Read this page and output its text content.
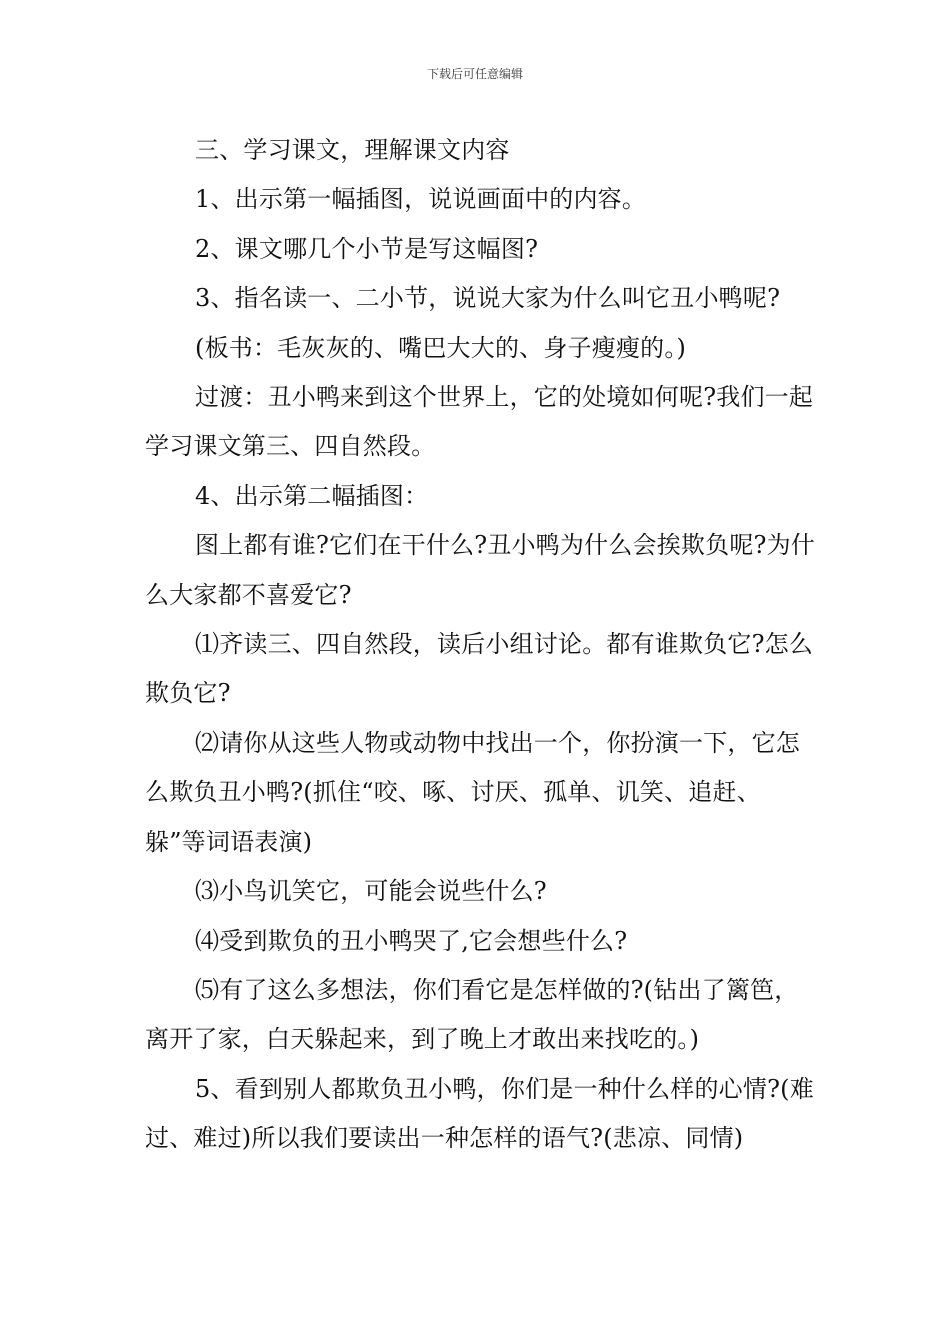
下载后可任意编辑

三、学习课文，理解课文内容

1、出示第一幅插图，说说画面中的内容。

2、课文哪几个小节是写这幅图?

3、指名读一、二小节，说说大家为什么叫它丑小鸭呢?

(板书：毛灰灰的、嘴巴大大的、身子瘦瘦的。)

过渡：丑小鸭来到这个世界上，它的处境如何呢?我们一起学习课文第三、四自然段。

4、出示第二幅插图：

图上都有谁?它们在干什么?丑小鸭为什么会挨欺负呢?为什么大家都不喜爱它?

⑴齐读三、四自然段，读后小组讨论。都有谁欺负它?怎么欺负它?

⑵请你从这些人物或动物中找出一个，你扮演一下，它怎么欺负丑小鸭?(抓住“咬、啄、讨厌、孤单、讥笑、追赶、躲”等词语表演)

⑶小鸟讥笑它，可能会说些什么?

⑷受到欺负的丑小鸭哭了,它会想些什么?

⑸有了这么多想法，你们看它是怎样做的?(钻出了篱笆，离开了家，白天躲起来，到了晚上才敢出来找吃的。)

5、看到别人都欺负丑小鸭，你们是一种什么样的心情?(难过、难过)所以我们要读出一种怎样的语气?(悲凉、同情)
